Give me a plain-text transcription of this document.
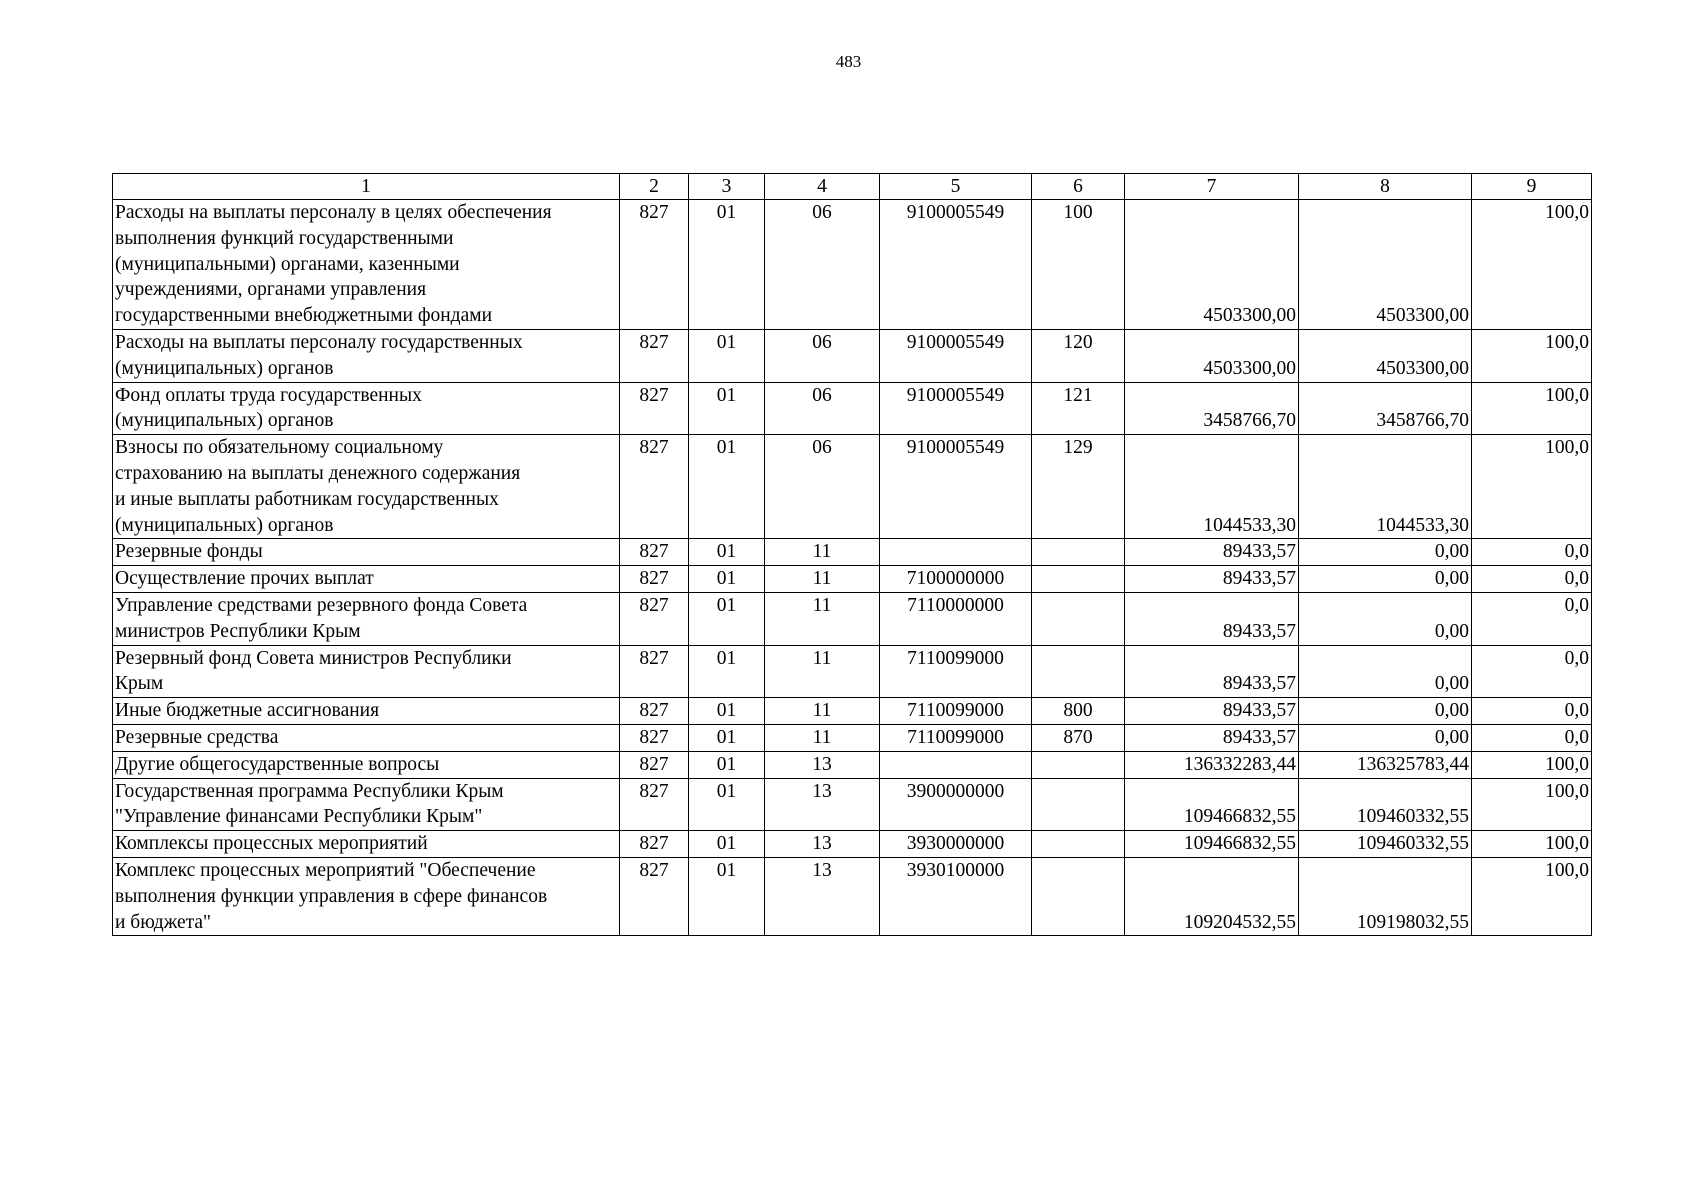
483
1	2	3	4	5	6	7	8	9

Расходы на выплаты персоналу в целях обеспечения
выполнения функций государственными
(муниципальными) органами, казенными
учреждениями, органами управления
государственными внебюджетными фондами	827	01	06	9100005549	100	4503300,00	4503300,00	100,0

Расходы на выплаты персоналу государственных
(муниципальных) органов	827	01	06	9100005549	120	4503300,00	4503300,00	100,0

Фонд оплаты труда государственных
(муниципальных) органов	827	01	06	9100005549	121	3458766,70	3458766,70	100,0

Взносы по обязательному социальному
страхованию на выплаты денежного содержания
и иные выплаты работникам государственных
(муниципальных) органов	827	01	06	9100005549	129	1044533,30	1044533,30	100,0

Резервные фонды	827	01	11			89433,57	0,00	0,0

Осуществление прочих выплат	827	01	11	7100000000		89433,57	0,00	0,0

Управление средствами резервного фонда Совета
министров Республики Крым	827	01	11	7110000000		89433,57	0,00	0,0

Резервный фонд Совета министров Республики
Крым	827	01	11	7110099000		89433,57	0,00	0,0

Иные бюджетные ассигнования	827	01	11	7110099000	800	89433,57	0,00	0,0

Резервные средства	827	01	11	7110099000	870	89433,57	0,00	0,0

Другие общегосударственные вопросы	827	01	13			136332283,44	136325783,44	100,0

Государственная программа Республики Крым
"Управление финансами Республики Крым"	827	01	13	3900000000		109466832,55	109460332,55	100,0

Комплексы процессных мероприятий	827	01	13	3930000000		109466832,55	109460332,55	100,0

Комплекс процессных мероприятий "Обеспечение
выполнения функции управления в сфере финансов
и бюджета"	827	01	13	3930100000		109204532,55	109198032,55	100,0
